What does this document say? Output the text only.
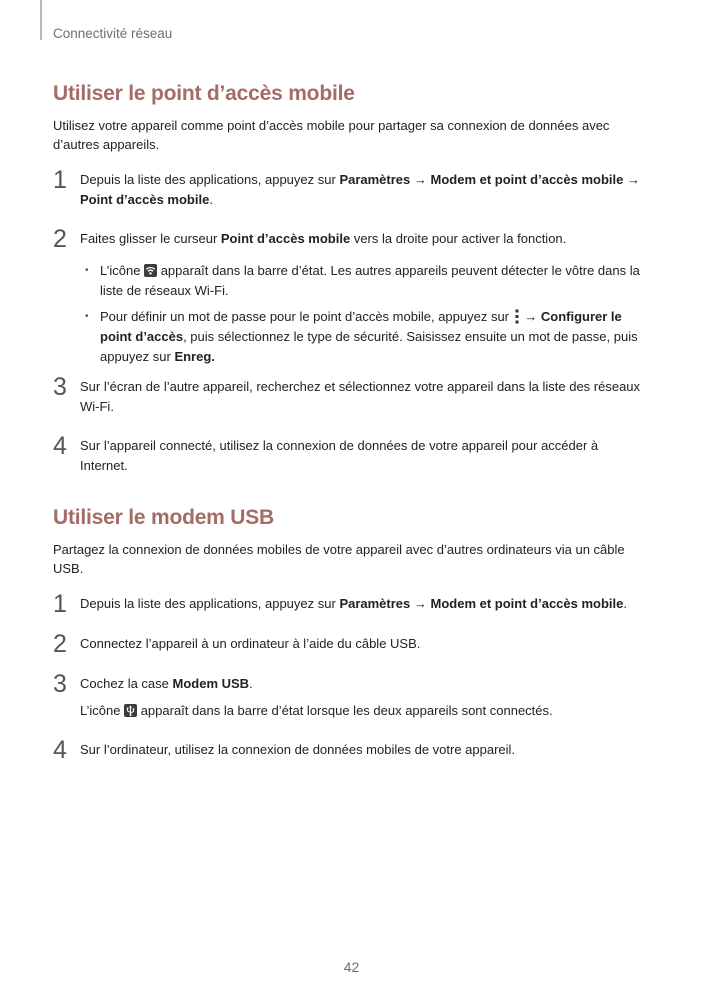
Connectivité réseau
Utiliser le point d’accès mobile

Utilisez votre appareil comme point d’accès mobile pour partager sa connexion de données avec d’autres appareils.

1 Depuis la liste des applications, appuyez sur Paramètres → Modem et point d’accès mobile → Point d’accès mobile.

2 Faites glisser le curseur Point d’accès mobile vers la droite pour activer la fonction.

• L’icône
apparaît dans la barre d’état. Les autres appareils peuvent détecter le vôtre dans la liste de réseaux Wi-Fi.
• Pour définir un mot de passe pour le point d’accès mobile, appuyez sur  → Configurer le point d’accès, puis sélectionnez le type de sécurité. Saisissez ensuite un mot de passe, puis appuyez sur Enreg.
3 Sur l’écran de l’autre appareil, recherchez et sélectionnez votre appareil dans la liste des réseaux Wi-Fi.

4 Sur l’appareil connecté, utilisez la connexion de données de votre appareil pour accéder à Internet.

Utiliser le modem USB

Partagez la connexion de données mobiles de votre appareil avec d’autres ordinateurs via un câble USB.

1 Depuis la liste des applications, appuyez sur Paramètres → Modem et point d’accès mobile.

2 Connectez l’appareil à un ordinateur à l’aide du câble USB.

3 Cochez la case Modem USB.

L’icône
apparaît dans la barre d’état lorsque les deux appareils sont connectés.

4 Sur l’ordinateur, utilisez la connexion de données mobiles de votre appareil.

42
